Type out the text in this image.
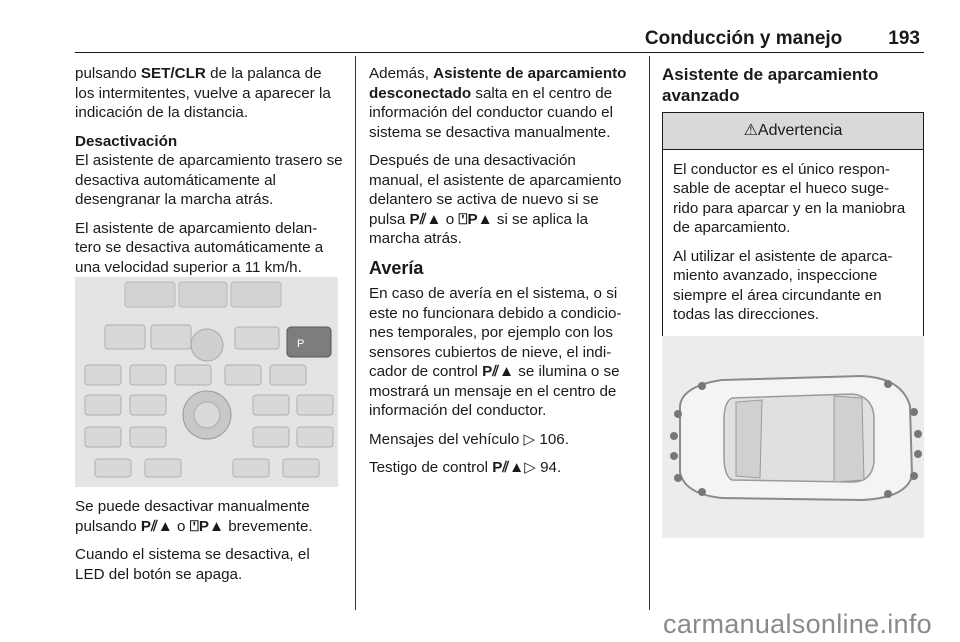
Conducción y manejo 193

pulsando SET/CLR de la palanca de los intermitentes, vuelve a aparecer la indicación de la distancia.

Desactivación

El asistente de aparcamiento trasero se desactiva automáticamente al desengranar la marcha atrás.

El asistente de aparcamiento delan-tero se desactiva automáticamente a una velocidad superior a 11 km/h.

P

Se puede desactivar manualmente pulsando P⫽▲ o ⍞P▲ brevemente.

Cuando el sistema se desactiva, el LED del botón se apaga.

Además, Asistente de aparcamiento desconectado salta en el centro de información del conductor cuando el sistema se desactiva manualmente.

Después de una desactivación manual, el asistente de aparcamiento delantero se activa de nuevo si se pulsa P⫽▲ o ⍞P▲ si se aplica la marcha atrás.

Avería

En caso de avería en el sistema, o si este no funcionara debido a condicio-nes temporales, por ejemplo con los sensores cubiertos de nieve, el indi-cador de control P⫽▲ se ilumina o se mostrará un mensaje en el centro de información del conductor.

Mensajes del vehículo ▷ 106.

Testigo de control P⫽▲▷ 94.

Asistente de aparcamiento avanzado
⚠Advertencia

El conductor es el único respon-sable de aceptar el hueco suge-rido para aparcar y en la maniobra de aparcamiento.

Al utilizar el asistente de aparca-miento avanzado, inspeccione siempre el área circundante en todas las direcciones.

carmanualsonline.info
